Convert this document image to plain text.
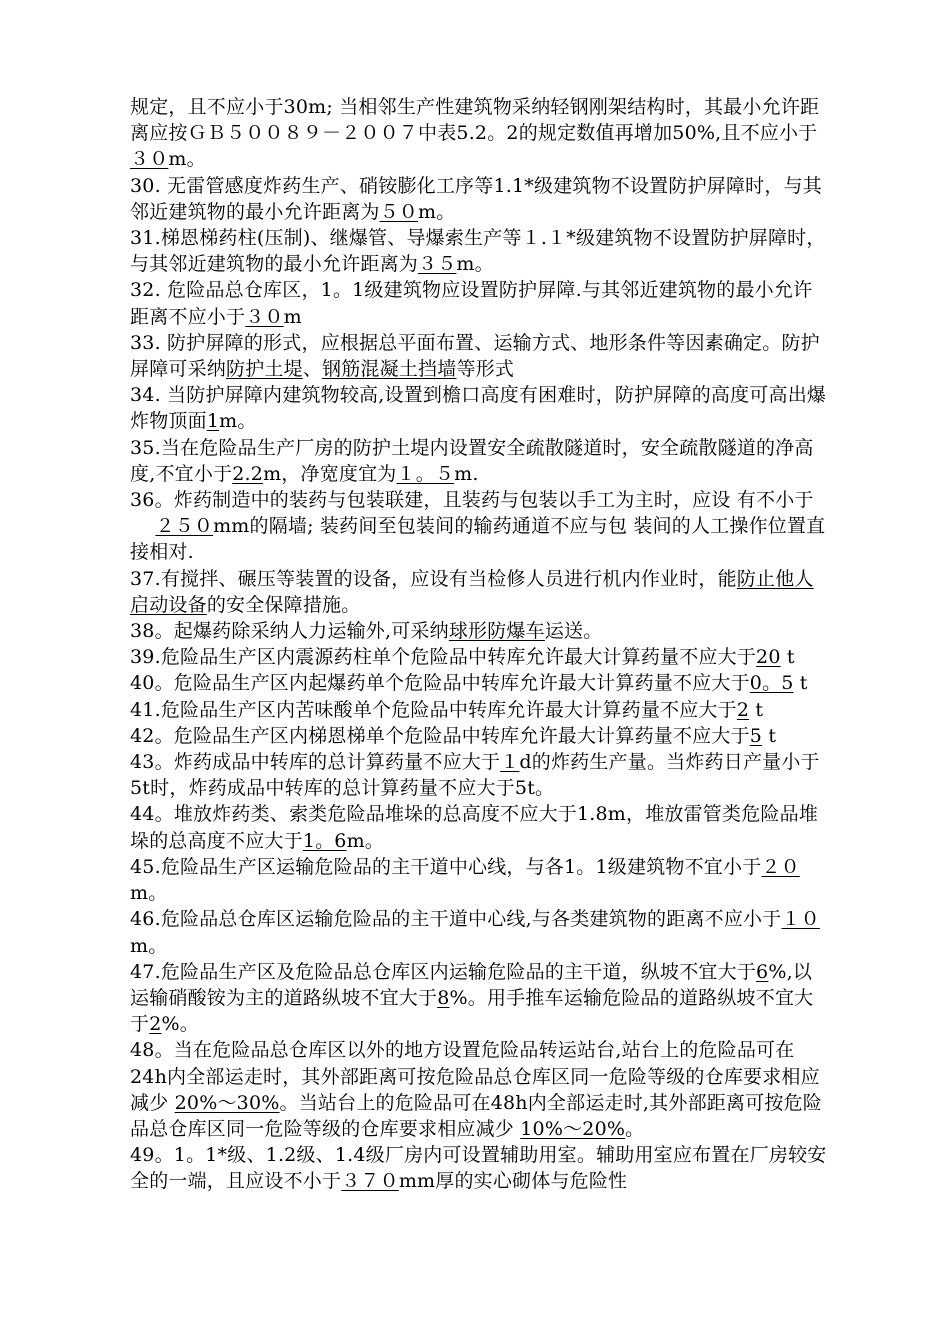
规定，且不应小于30m; 当相邻生产性建筑物采纳轻钢刚架结构时，其最小允许距离应按ＧＢ５００８９－２００７中表5.2。2的规定数值再增加50%,且不应小于３０m。

30. 无雷管感度炸药生产、硝铵膨化工序等1.1*级建筑物不设置防护屏障时，与其邻近建筑物的最小允许距离为５０m。

31.梯恩梯药柱(压制)、继爆管、导爆索生产等１.１*级建筑物不设置防护屏障时，与其邻近建筑物的最小允许距离为３５m。

32. 危险品总仓库区，1。1级建筑物应设置防护屏障.与其邻近建筑物的最小允许距离不应小于３０m

33. 防护屏障的形式，应根据总平面布置、运输方式、地形条件等因素确定。防护屏障可采纳防护土堤、钢筋混凝土挡墙等形式

34. 当防护屏障内建筑物较高,设置到檐口高度有困难时，防护屏障的高度可高出爆炸物顶面1m。

35.当在危险品生产厂房的防护土堤内设置安全疏散隧道时，安全疏散隧道的净高度,不宜小于2.2m，净宽度宜为１。５m.

36。炸药制造中的装药与包装联建，且装药与包装以手工为主时，应设 有不小于 　 ２５０mm的隔墙; 装药间至包装间的输药通道不应与包 装间的人工操作位置直接相对.

37.有搅拌、碾压等装置的设备，应设有当检修人员进行机内作业时，能防止他人启动设备的安全保障措施。

38。起爆药除采纳人力运输外,可采纳球形防爆车运送。

39.危险品生产区内震源药柱单个危险品中转库允许最大计算药量不应大于20 t

40。危险品生产区内起爆药单个危险品中转库允许最大计算药量不应大于0。5 t

41.危险品生产区内苦味酸单个危险品中转库允许最大计算药量不应大于2 t

42。危险品生产区内梯恩梯单个危险品中转库允许最大计算药量不应大于5 t

43。炸药成品中转库的总计算药量不应大于１d的炸药生产量。当炸药日产量小于5t时，炸药成品中转库的总计算药量不应大于5t。

44。堆放炸药类、索类危险品堆垛的总高度不应大于1.8m，堆放雷管类危险品堆垛的总高度不应大于1。6m。

45.危险品生产区运输危险品的主干道中心线，与各1。1级建筑物不宜小于２０m。

46.危险品总仓库区运输危险品的主干道中心线,与各类建筑物的距离不应小于１０m。

47.危险品生产区及危险品总仓库区内运输危险品的主干道，纵坡不宜大于6%,以运输硝酸铵为主的道路纵坡不宜大于8%。用手推车运输危险品的道路纵坡不宜大于2%。

48。当在危险品总仓库区以外的地方设置危险品转运站台,站台上的危险品可在24h内全部运走时，其外部距离可按危险品总仓库区同一危险等级的仓库要求相应减少 20%～30%。当站台上的危险品可在48h内全部运走时,其外部距离可按危险品总仓库区同一危险等级的仓库要求相应减少 10%～20%。

49。1。1*级、1.2级、1.4级厂房内可设置辅助用室。辅助用室应布置在厂房较安全的一端，且应设不小于３７０mm厚的实心砌体与危险性
